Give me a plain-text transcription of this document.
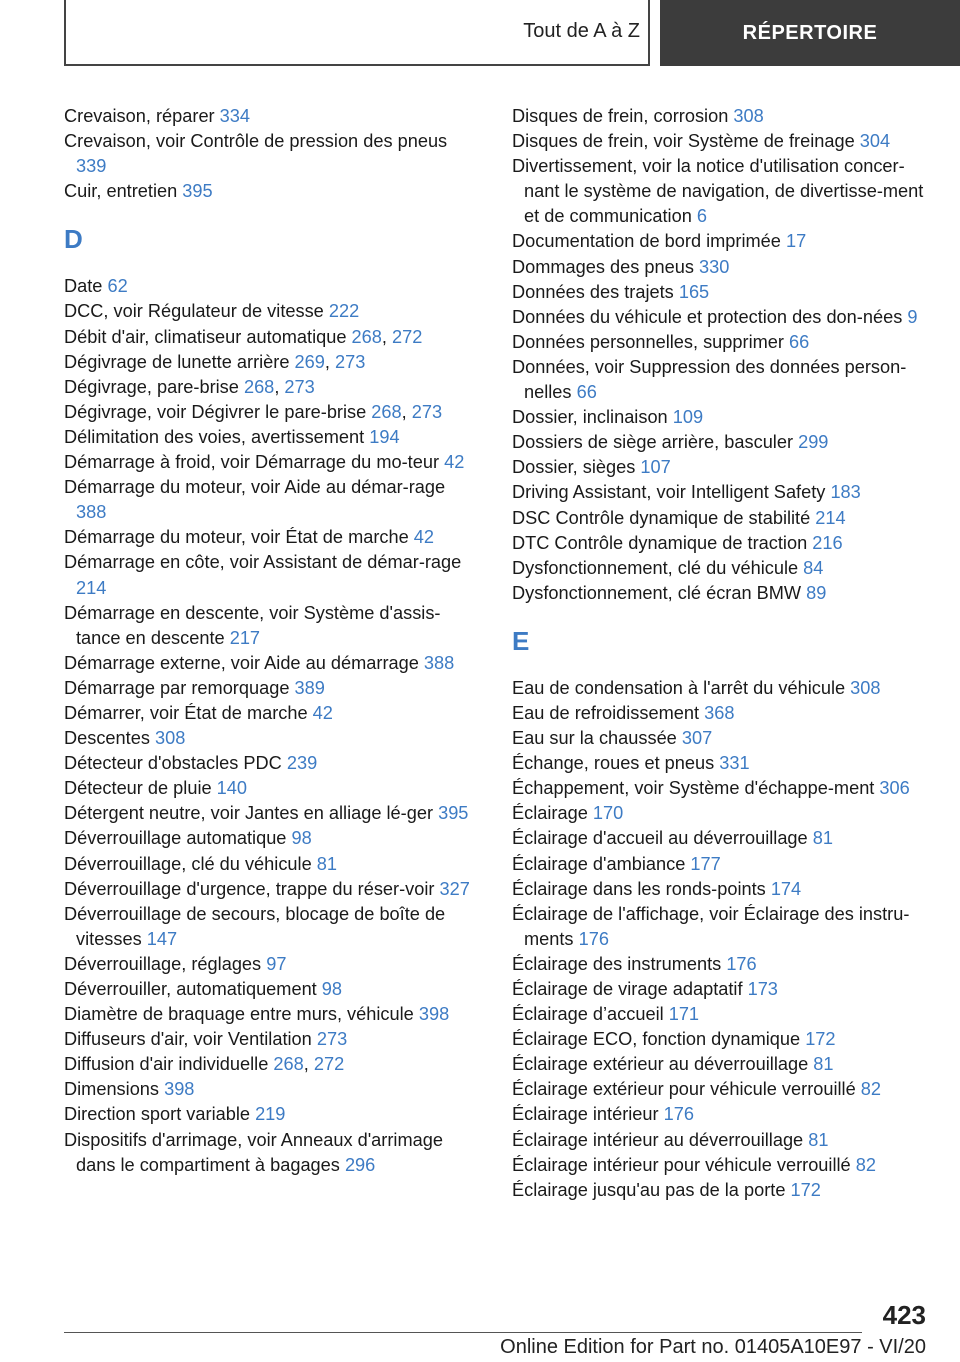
Tout de A à Z	RÉPERTOIRE
Crevaison, réparer 334
Crevaison, voir Contrôle de pression des pneus 339
Cuir, entretien 395
D
Date 62
DCC, voir Régulateur de vitesse 222
Débit d'air, climatiseur automatique 268, 272
Dégivrage de lunette arrière 269, 273
Dégivrage, pare-brise 268, 273
Dégivrage, voir Dégivrer le pare-brise 268, 273
Délimitation des voies, avertissement 194
Démarrage à froid, voir Démarrage du mo-teur 42
Démarrage du moteur, voir Aide au démar-rage 388
Démarrage du moteur, voir État de marche 42
Démarrage en côte, voir Assistant de démar-rage 214
Démarrage en descente, voir Système d'assis-tance en descente 217
Démarrage externe, voir Aide au démarrage 388
Démarrage par remorquage 389
Démarrer, voir État de marche 42
Descentes 308
Détecteur d'obstacles PDC 239
Détecteur de pluie 140
Détergent neutre, voir Jantes en alliage lé-ger 395
Déverrouillage automatique 98
Déverrouillage, clé du véhicule 81
Déverrouillage d'urgence, trappe du réser-voir 327
Déverrouillage de secours, blocage de boîte de vitesses 147
Déverrouillage, réglages 97
Déverrouiller, automatiquement 98
Diamètre de braquage entre murs, véhicule 398
Diffuseurs d'air, voir Ventilation 273
Diffusion d'air individuelle 268, 272
Dimensions 398
Direction sport variable 219
Dispositifs d'arrimage, voir Anneaux d'arrimage dans le compartiment à bagages 296
Disques de frein, corrosion 308
Disques de frein, voir Système de freinage 304
Divertissement, voir la notice d'utilisation concer-nant le système de navigation, de divertisse-ment et de communication 6
Documentation de bord imprimée 17
Dommages des pneus 330
Données des trajets 165
Données du véhicule et protection des don-nées 9
Données personnelles, supprimer 66
Données, voir Suppression des données person-nelles 66
Dossier, inclinaison 109
Dossiers de siège arrière, basculer 299
Dossier, sièges 107
Driving Assistant, voir Intelligent Safety 183
DSC Contrôle dynamique de stabilité 214
DTC Contrôle dynamique de traction 216
Dysfonctionnement, clé du véhicule 84
Dysfonctionnement, clé écran BMW 89
E
Eau de condensation à l'arrêt du véhicule 308
Eau de refroidissement 368
Eau sur la chaussée 307
Échange, roues et pneus 331
Échappement, voir Système d'échappe-ment 306
Éclairage 170
Éclairage d'accueil au déverrouillage 81
Éclairage d'ambiance 177
Éclairage dans les ronds-points 174
Éclairage de l'affichage, voir Éclairage des instru-ments 176
Éclairage des instruments 176
Éclairage de virage adaptatif 173
Éclairage d’accueil 171
Éclairage ECO, fonction dynamique 172
Éclairage extérieur au déverrouillage 81
Éclairage extérieur pour véhicule verrouillé 82
Éclairage intérieur 176
Éclairage intérieur au déverrouillage 81
Éclairage intérieur pour véhicule verrouillé 82
Éclairage jusqu'au pas de la porte 172
423
Online Edition for Part no. 01405A10E97 - VI/20
